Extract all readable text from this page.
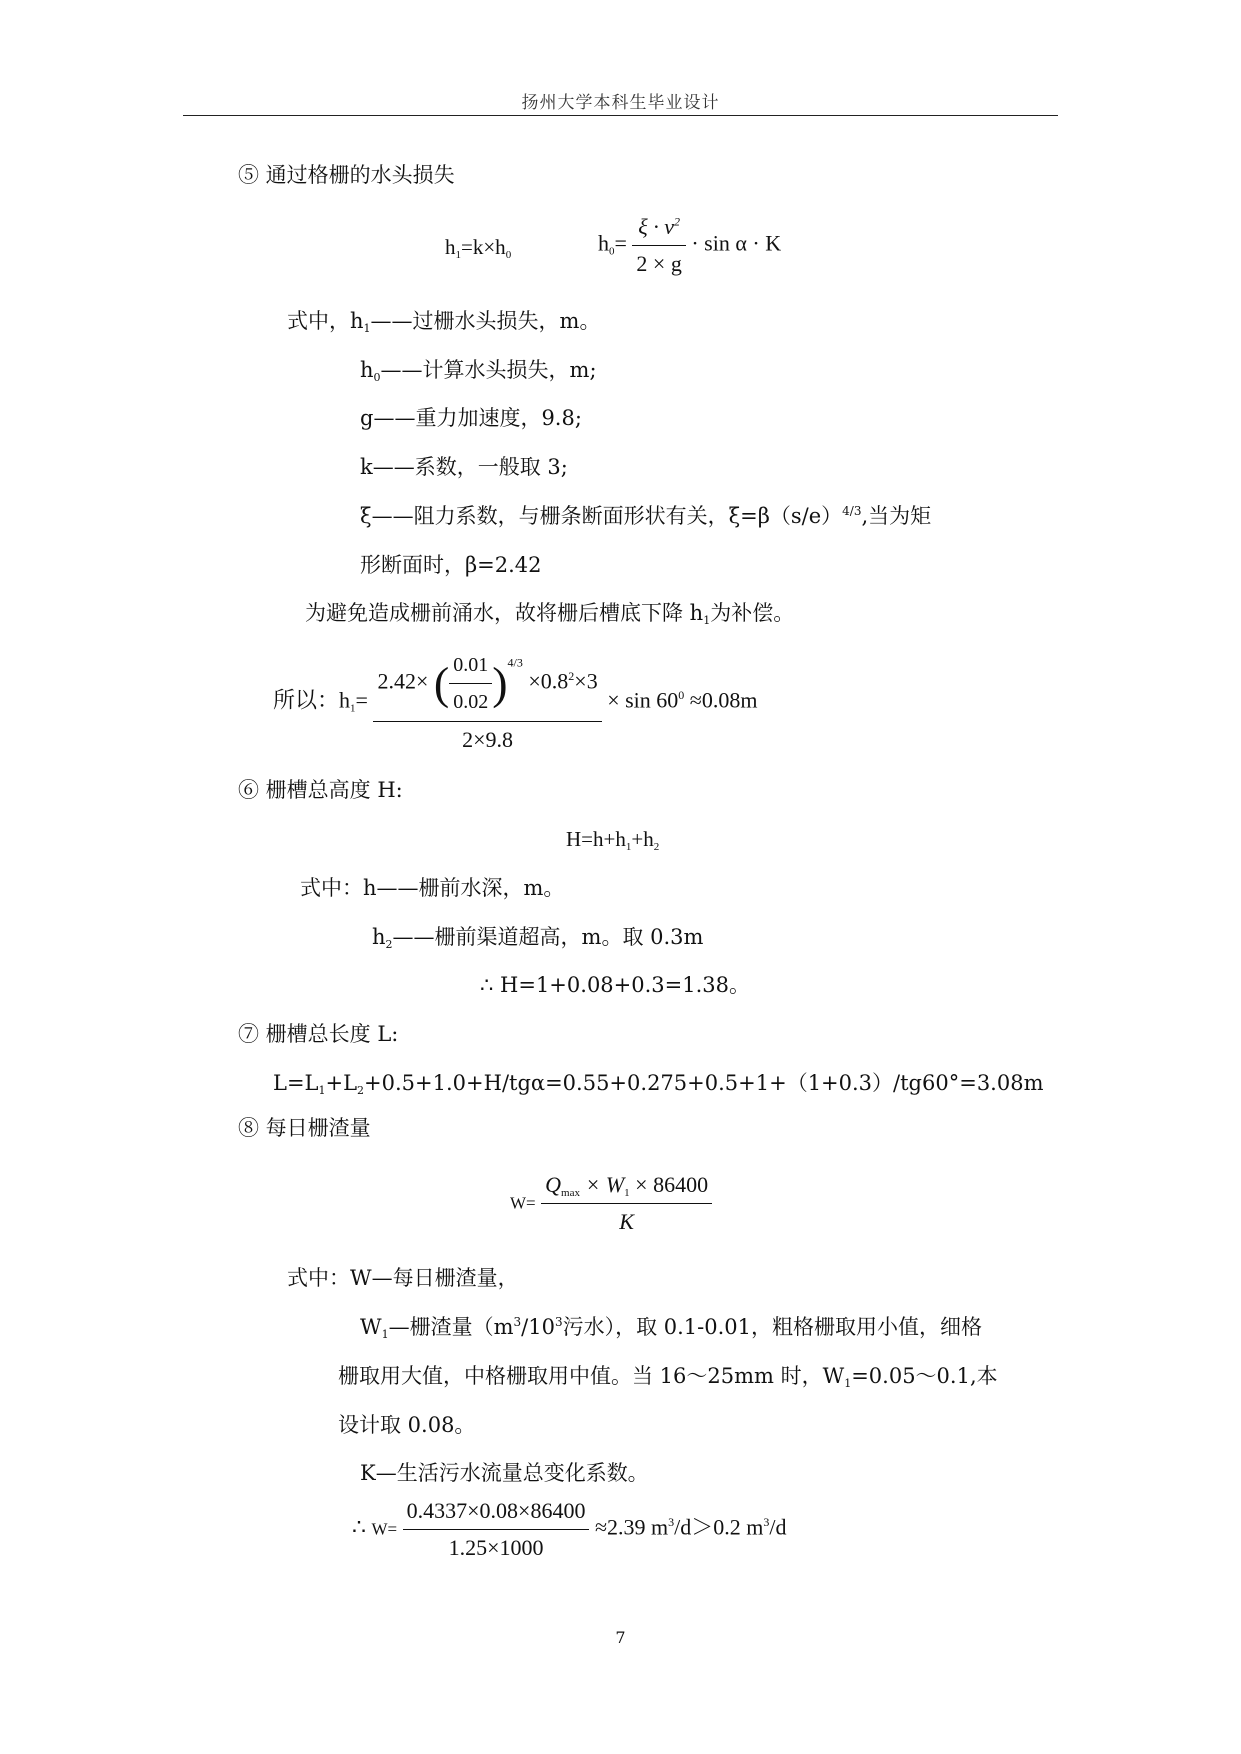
扬州大学本科生毕业设计
⑤ 通过格栅的水头损失
$h_1=k\times h_0$	$h_0= \frac{\xi \cdot v^2}{2 \times g} \cdot \sin \alpha \cdot K$
式中，$h_1——$过栅水头损失，m。
$h_0——$计算水头损失，m;
g——重力加速度，9.8;
k——系数，一般取 3;
ξ——阻力系数，与栅条断面形状有关，$\xi=\beta(s/e)^{4/3}$,当为矩
形断面时，β=2.42
为避免造成栅前涌水，故将栅后槽底下降 $h_1$为补偿。
所以：$h_1= \frac{2.42\times ( \frac{0.01}{0.02} )^{4/3} \times 0.8^2\times 3}{2\times 9.8} \times \sin 60^0 \approx 0.08m$
⑥ 栅槽总高度 H:
$H=h+h_1+h_2$
式中：h——栅前水深，m。
$h_2——$栅前渠道超高，m。取 0.3m
∴ H=1+0.08+0.3=1.38。
⑦ 栅槽总长度 L:
$L=L_1+L_2+0.5+1.0+H/tg\alpha=0.55+0.275+0.5+1+(1+0.3)/tg60^\circ=3.08m$
⑧ 每日栅渣量
$W= \frac{Q_{max} \times W_1 \times 86400}{K}$
式中：W—每日栅渣量，
$W_1—$栅渣量（$m^3/10^3$污水），取 0.1-0.01，粗格栅取用小值，细格
栅取用大值，中格栅取用中值。当 16～25mm 时，$W_1=0.05\sim 0.1$,本
设计取 0.08。
K—生活污水流量总变化系数。
∴ $W= \frac{0.4337\times 0.08\times 86400}{1.25\times 1000} \approx 2.39$ $m^3/d>0.2$ $m^3/d$
7
